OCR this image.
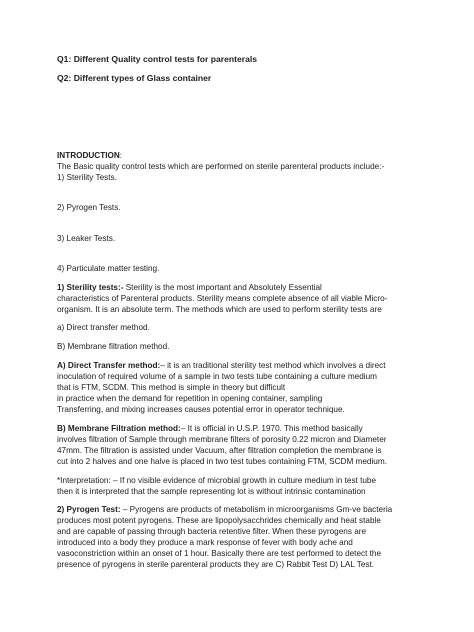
Q1: Different Quality control tests for parenterals
Q2: Different types of Glass container
INTRODUCTION:
The Basic quality control tests which are performed on sterile parenteral products include:-
1) Sterility Tests.
2) Pyrogen Tests.
3) Leaker Tests.
4) Particulate matter testing.
1) Sterility tests:- Sterility is the most important and Absolutely Essential
characteristics of Parenteral products. Sterility means complete absence of all viable Micro-
organism. It is an absolute term. The methods which are used to perform sterility tests are
a) Direct transfer method.
B) Membrane filtration method.
A) Direct Transfer method:– it is an traditional sterility test method which involves a direct
inoculation of required volume of a sample in two tests tube containing a culture medium
that is FTM, SCDM. This method is simple in theory but difficult
in practice when the demand for repetition in opening container, sampling
Transferring, and mixing increases causes potential error in operator technique.
B) Membrane Filtration method:– It is official in U.S.P. 1970. This method basically
involves filtration of Sample through membrane filters of porosity 0.22 micron and Diameter
47mm. The filtration is assisted under Vacuum, after filtration completion the membrane is
cut into 2 halves and one halve is placed in two test tubes containing FTM, SCDM medium.
*Interpretation: – If no visible evidence of microbial growth in culture medium in test tube
then it is interpreted that the sample representing lot is without intrinsic contamination
2) Pyrogen Test: – Pyrogens are products of metabolism in microorganisms Gm-ve bacteria
produces most potent pyrogens. These are lipopolysacchrides chemically and heat stable
and are capable of passing through bacteria retentive filter. When these pyrogens are
introduced into a body they produce a mark response of fever with body ache and
vasoconstriction within an onset of 1 hour. Basically there are test performed to detect the
presence of pyrogens in sterile parenteral products they are C) Rabbit Test D) LAL Test.
